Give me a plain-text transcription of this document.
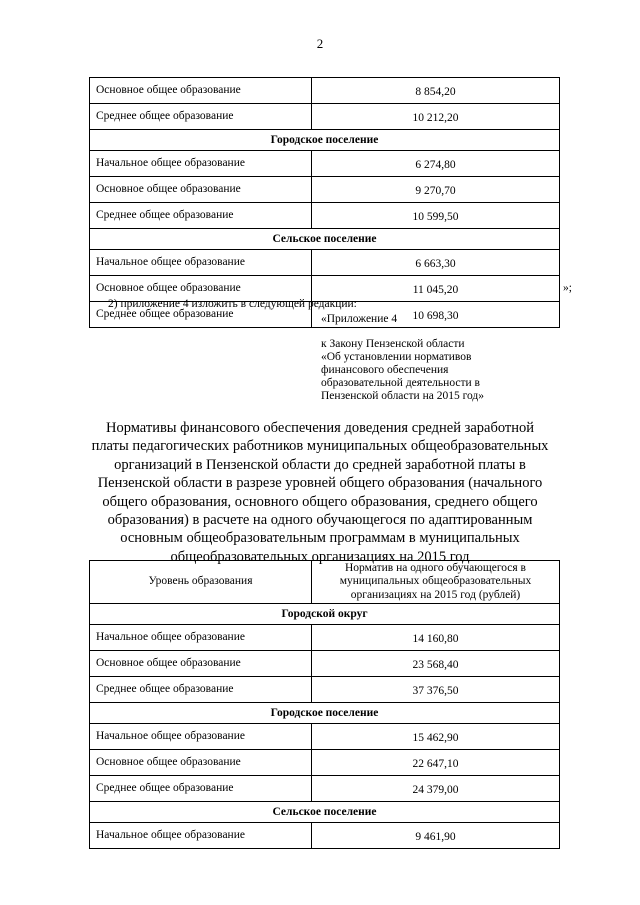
2
Основное общее образование	8 854,20
Среднее общее образование	10 212,20
Городское поселение	
Начальное общее образование	6 274,80
Основное общее образование	9 270,70
Среднее общее образование	10 599,50
Сельское поселение	
Начальное общее образование	6 663,30
Основное общее образование	11 045,20
Среднее общее образование	10 698,30
»;
2) приложение 4 изложить в следующей редакции:
«Приложение 4
к Закону Пензенской области
«Об установлении нормативов
финансового обеспечения
образовательной деятельности в
Пензенской области на 2015 год»
Нормативы финансового обеспечения доведения средней заработной
платы педагогических работников муниципальных общеобразовательных
организаций в Пензенской области до средней заработной платы в
Пензенской области в разрезе уровней общего образования (начального
общего образования, основного общего образования, среднего общего
образования) в расчете на одного обучающегося по адаптированным
основным общеобразовательным программам в муниципальных
общеобразовательных организациях на 2015 год
Уровень образования	Норматив на одного обучающегося в
муниципальных общеобразовательных
организациях на 2015 год (рублей)

Городской округ	
Начальное общее образование	14 160,80
Основное общее образование	23 568,40
Среднее общее образование	37 376,50
Городское поселение	
Начальное общее образование	15 462,90
Основное общее образование	22 647,10
Среднее общее образование	24 379,00
Сельское поселение	
Начальное общее образование	9 461,90
